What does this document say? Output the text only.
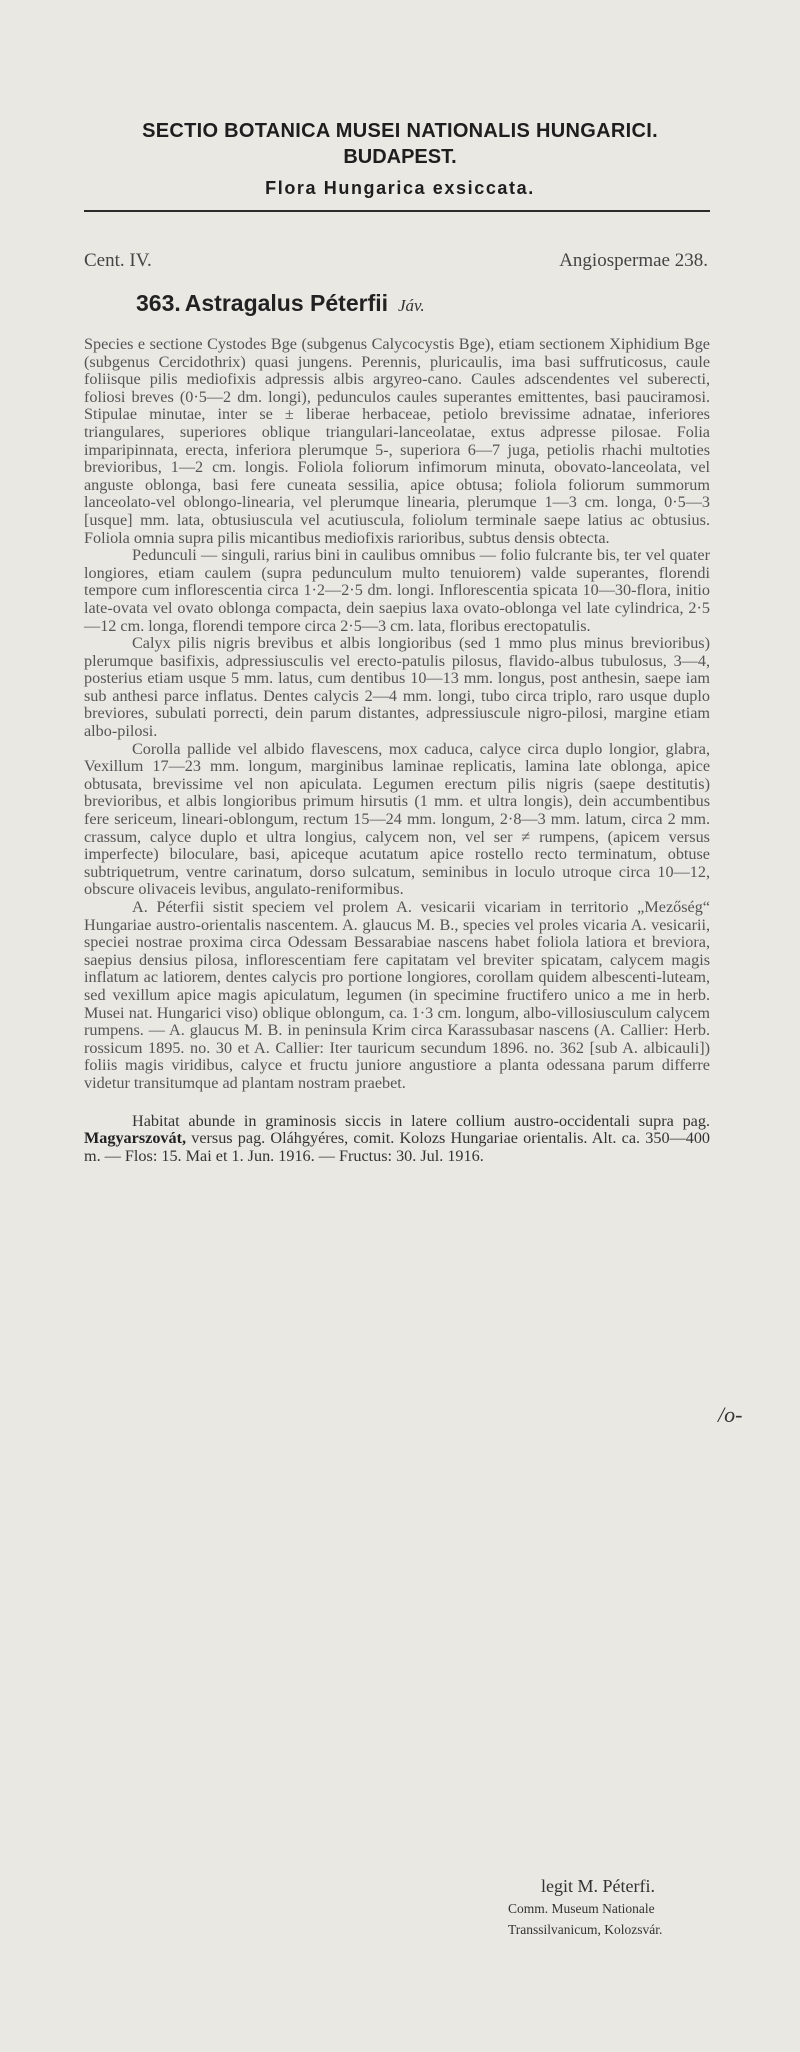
SECTIO BOTANICA MUSEI NATIONALIS HUNGARICI.
BUDAPEST.
Flora Hungarica exsiccata.
Cent. IV.	Angiospermae 238.
363. Astragalus Péterfii Jáv.

Species e sectione Cystodes Bge (subgenus Calycocystis Bge), etiam sectionem Xiphidium Bge (subgenus Cercidothrix) quasi jungens. Perennis, pluricaulis, ima basi suffruticosus, caule foliisque pilis mediofixis adpressis albis argyreo-cano. Caules adscendentes vel suberecti, foliosi breves (0·5—2 dm. longi), pedunculos caules superantes emittentes, basi pauciramosi. Stipulae minutae, inter se ± liberae herbaceae, petiolo brevissime adnatae, inferiores triangulares, superiores oblique triangulari-lanceolatae, extus adpresse pilosae. Folia imparipinnata, erecta, inferiora plerumque 5-, superiora 6—7 juga, petiolis rhachi multoties brevioribus, 1—2 cm. longis. Foliola foliorum infimorum minuta, obovato-lanceolata, vel anguste oblonga, basi fere cuneata sessilia, apice obtusa; foliola foliorum summorum lanceolato-vel oblongo-linearia, vel plerumque linearia, plerumque 1—3 cm. longa, 0·5—3 [usque] mm. lata, obtusiuscula vel acutiuscula, foliolum terminale saepe latius ac obtusius. Foliola omnia supra pilis micantibus mediofixis rarioribus, subtus densis obtecta.

Pedunculi — singuli, rarius bini in caulibus omnibus — folio fulcrante bis, ter vel quater longiores, etiam caulem (supra pedunculum multo tenuiorem) valde superantes, florendi tempore cum inflorescentia circa 1·2—2·5 dm. longi. Inflorescentia spicata 10—30-flora, initio late-ovata vel ovato oblonga compacta, dein saepius laxa ovato-oblonga vel late cylindrica, 2·5—12 cm. longa, florendi tempore circa 2·5—3 cm. lata, floribus erectopatulis.

Calyx pilis nigris brevibus et albis longioribus (sed 1 mmo plus minus brevioribus) plerumque basifixis, adpressiusculis vel erecto-patulis pilosus, flavido-albus tubulosus, 3—4, posterius etiam usque 5 mm. latus, cum dentibus 10—13 mm. longus, post anthesin, saepe iam sub anthesi parce inflatus. Dentes calycis 2—4 mm. longi, tubo circa triplo, raro usque duplo breviores, subulati porrecti, dein parum distantes, adpressiuscule nigro-pilosi, margine etiam albo-pilosi.

Corolla pallide vel albido flavescens, mox caduca, calyce circa duplo longior, glabra, Vexillum 17—23 mm. longum, marginibus laminae replicatis, lamina late oblonga, apice obtusata, brevissime vel non apiculata. Legumen erectum pilis nigris (saepe destitutis) brevioribus, et albis longioribus primum hirsutis (1 mm. et ultra longis), dein accumbentibus fere sericeum, lineari-oblongum, rectum 15—24 mm. longum, 2·8—3 mm. latum, circa 2 mm. crassum, calyce duplo et ultra longius, calycem non, vel ser ≠ rumpens, (apicem versus imperfecte) biloculare, basi, apiceque acutatum apice rostello recto terminatum, obtuse subtriquetrum, ventre carinatum, dorso sulcatum, seminibus in loculo utroque circa 10—12, obscure olivaceis levibus, angulato-reniformibus.

A. Péterfii sistit speciem vel prolem A. vesicarii vicariam in territorio „Mezőség“ Hungariae austro-orientalis nascentem. A. glaucus M. B., species vel proles vicaria A. vesicarii, speciei nostrae proxima circa Odessam Bessarabiae nascens habet foliola latiora et breviora, saepius densius pilosa, inflorescentiam fere capitatam vel breviter spicatam, calycem magis inflatum ac latiorem, dentes calycis pro portione longiores, corollam quidem albescenti-luteam, sed vexillum apice magis apiculatum, legumen (in specimine fructifero unico a me in herb. Musei nat. Hungarici viso) oblique oblongum, ca. 1·3 cm. longum, albo-villosiusculum calycem rumpens. — A. glaucus M. B. in peninsula Krim circa Karassubasar nascens (A. Callier: Herb. rossicum 1895. no. 30 et A. Callier: Iter tauricum secundum 1896. no. 362 [sub A. albicauli]) foliis magis viridibus, calyce et fructu juniore angustiore a planta odessana parum differre videtur transitumque ad plantam nostram praebet.

Habitat abunde in graminosis siccis in latere collium austro-occidentali supra pag. Magyarszovát, versus pag. Oláhgyéres, comit. Kolozs Hungariae orientalis. Alt. ca. 350—400 m. — Flos: 15. Mai et 1. Jun. 1916. — Fructus: 30. Jul. 1916.

/o-
legit M. Péterfi.
Comm. Museum Nationale
Transsilvanicum, Kolozsvár.
